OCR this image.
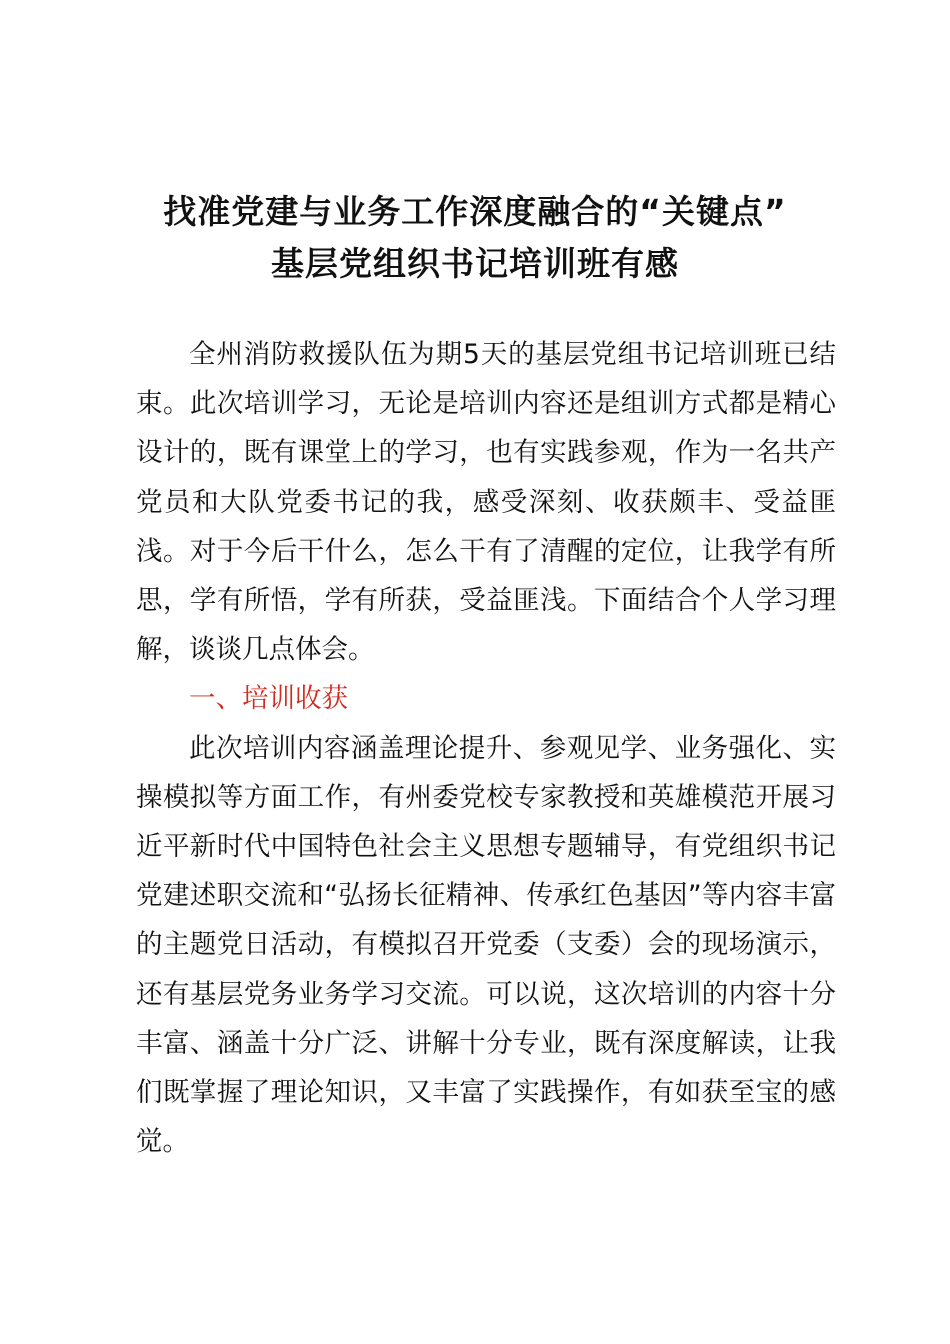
找准党建与业务工作深度融合的“关键点”
基层党组织书记培训班有感

全州消防救援队伍为期5天的基层党组书记培训班已结束。此次培训学习，无论是培训内容还是组训方式都是精心设计的，既有课堂上的学习，也有实践参观，作为一名共产党员和大队党委书记的我，感受深刻、收获颇丰、受益匪浅。对于今后干什么，怎么干有了清醒的定位，让我学有所思，学有所悟，学有所获，受益匪浅。下面结合个人学习理解，谈谈几点体会。

一、培训收获

此次培训内容涵盖理论提升、参观见学、业务强化、实操模拟等方面工作，有州委党校专家教授和英雄模范开展习近平新时代中国特色社会主义思想专题辅导，有党组织书记党建述职交流和“弘扬长征精神、传承红色基因”等内容丰富的主题党日活动，有模拟召开党委（支委）会的现场演示，还有基层党务业务学习交流。可以说，这次培训的内容十分丰富、涵盖十分广泛、讲解十分专业，既有深度解读，让我们既掌握了理论知识，又丰富了实践操作，有如获至宝的感觉。
